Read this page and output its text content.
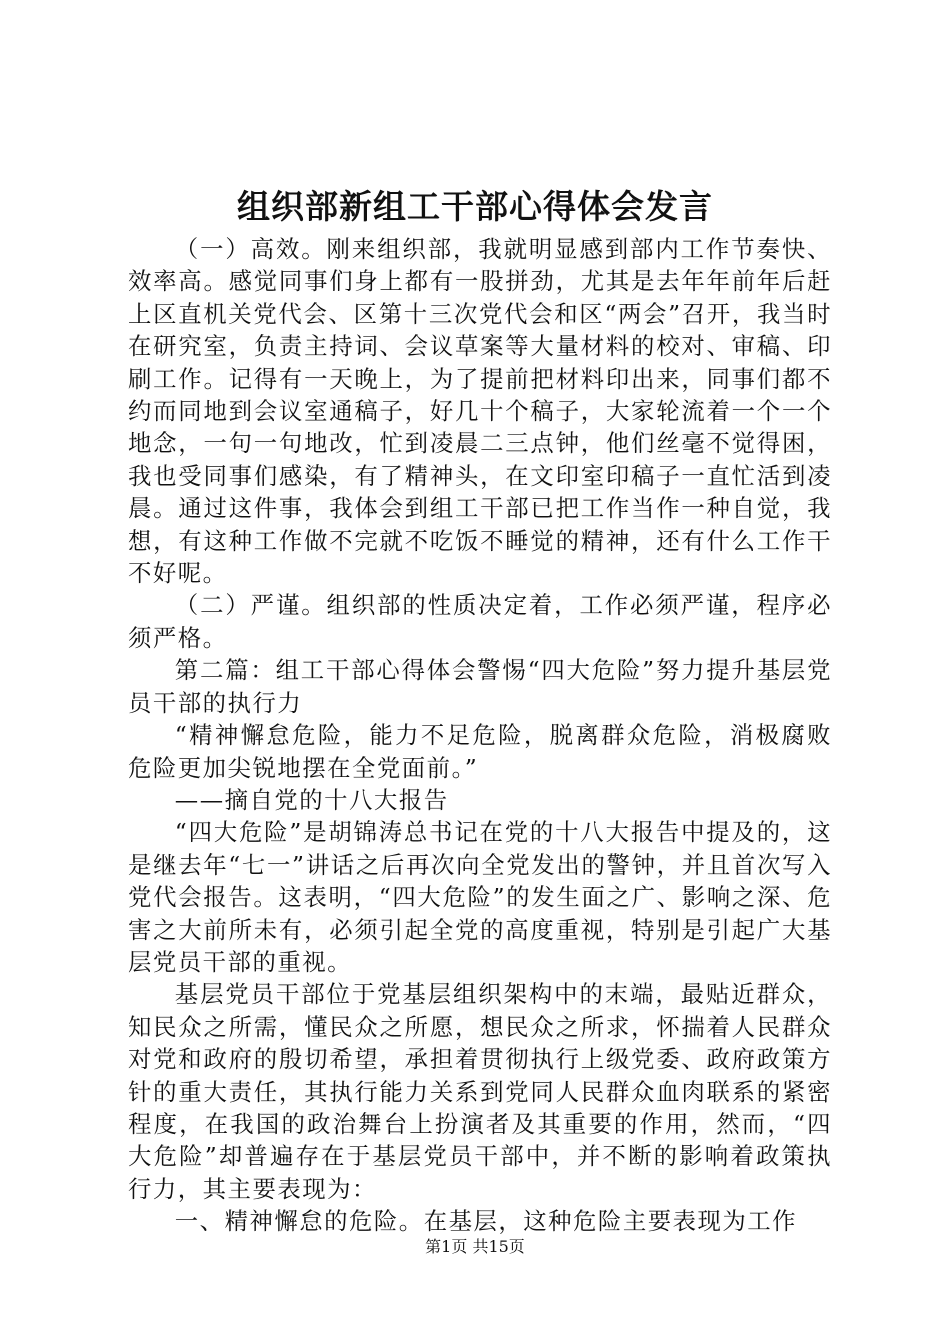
组织部新组工干部心得体会发言

（一）高效。刚来组织部，我就明显感到部内工作节奏快、效率高。感觉同事们身上都有一股拼劲，尤其是去年年前年后赶上区直机关党代会、区第十三次党代会和区“两会”召开，我当时在研究室，负责主持词、会议草案等大量材料的校对、审稿、印刷工作。记得有一天晚上，为了提前把材料印出来，同事们都不约而同地到会议室通稿子，好几十个稿子，大家轮流着一个一个地念，一句一句地改，忙到凌晨二三点钟，他们丝毫不觉得困，我也受同事们感染，有了精神头，在文印室印稿子一直忙活到凌晨。通过这件事，我体会到组工干部已把工作当作一种自觉，我想，有这种工作做不完就不吃饭不睡觉的精神，还有什么工作干不好呢。

（二）严谨。组织部的性质决定着，工作必须严谨，程序必须严格。

第二篇：组工干部心得体会警惕“四大危险”努力提升基层党员干部的执行力

“精神懈怠危险，能力不足危险，脱离群众危险，消极腐败危险更加尖锐地摆在全党面前。”

——摘自党的十八大报告

“四大危险”是胡锦涛总书记在党的十八大报告中提及的，这是继去年“七一”讲话之后再次向全党发出的警钟，并且首次写入党代会报告。这表明，“四大危险”的发生面之广、影响之深、危害之大前所未有，必须引起全党的高度重视，特别是引起广大基层党员干部的重视。

基层党员干部位于党基层组织架构中的末端，最贴近群众，知民众之所需，懂民众之所愿，想民众之所求，怀揣着人民群众对党和政府的殷切希望，承担着贯彻执行上级党委、政府政策方针的重大责任，其执行能力关系到党同人民群众血肉联系的紧密程度，在我国的政治舞台上扮演者及其重要的作用，然而，“四大危险”却普遍存在于基层党员干部中，并不断的影响着政策执行力，其主要表现为：

一、精神懈怠的危险。在基层，这种危险主要表现为工作

第1页 共15页
